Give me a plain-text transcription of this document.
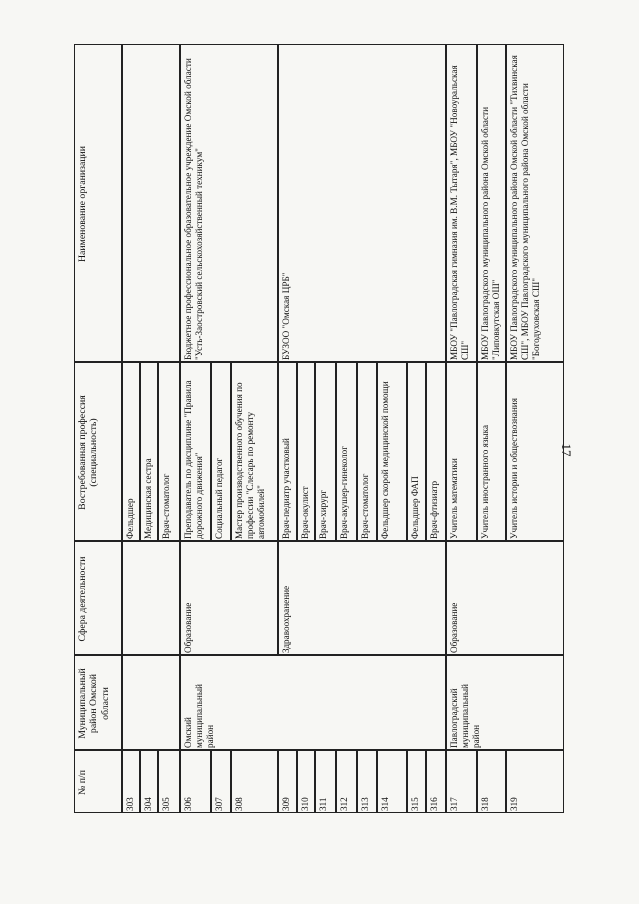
17
№ п/п
Муниципальный район Омской области
Сфера деятельности
Востребованная профессия (специальность)
Наименование организации
303
Фельдшер
304
Медицинская сестра
305
Врач-стоматолог
306
Омский муниципальный район
Образование
Преподаватель по дисциплине "Правила дорожного движения"
Бюджетное профессиональное образовательное учреждение Омской области "Усть-Заостровский сельскохозяйственный техникум"
307
Социальный педагог
308
Мастер производственного обучения по профессии "Слесарь по ремонту автомобилей"
309
Здравоохранение
Врач-педиатр участковый
БУЗОО "Омская ЦРБ"
310
Врач-окулист
311
Врач-хирург
312
Врач-акушер-гинеколог
313
Врач-стоматолог
314
Фельдшер скорой медицинской помощи
315
Фельдшер ФАП
316
Врач-фтизиатр
317
Павлоградский муниципальный район
Образование
Учитель математики
МБОУ "Павлоградская гимназия им. В.М. Тытаря", МБОУ "Новоуральская СШ"
318
Учитель иностранного языка
МБОУ Павлоградского муниципального района Омской области "Липовкутская ОШ"
319
Учитель истории и обществознания
МБОУ Павлоградского муниципального района Омской области "Тихвинская СШ", МБОУ Павлоградского муниципального района Омской области "Богодуховская СШ"
